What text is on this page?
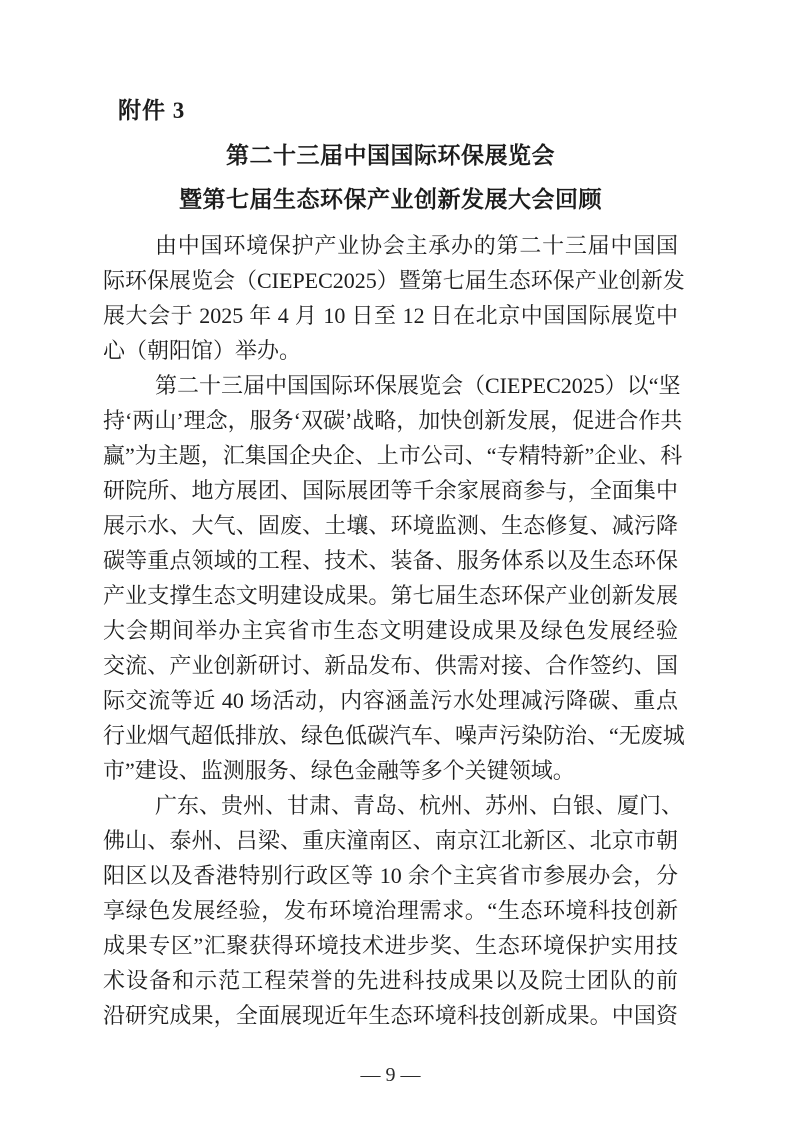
附件 3
第二十三届中国国际环保展览会
暨第七届生态环保产业创新发展大会回顾
由中国环境保护产业协会主承办的第二十三届中国国
际环保展览会（CIEPEC2025）暨第七届生态环保产业创新发
展大会于 2025 年 4 月 10 日至 12 日在北京中国国际展览中
心（朝阳馆）举办。
第二十三届中国国际环保展览会（CIEPEC2025）以“坚
持‘两山’理念，服务‘双碳’战略，加快创新发展，促进合作共
赢”为主题，汇集国企央企、上市公司、“专精特新”企业、科
研院所、地方展团、国际展团等千余家展商参与，全面集中
展示水、大气、固废、土壤、环境监测、生态修复、减污降
碳等重点领域的工程、技术、装备、服务体系以及生态环保
产业支撑生态文明建设成果。第七届生态环保产业创新发展
大会期间举办主宾省市生态文明建设成果及绿色发展经验
交流、产业创新研讨、新品发布、供需对接、合作签约、国
际交流等近 40 场活动，内容涵盖污水处理减污降碳、重点
行业烟气超低排放、绿色低碳汽车、噪声污染防治、“无废城
市”建设、监测服务、绿色金融等多个关键领域。
广东、贵州、甘肃、青岛、杭州、苏州、白银、厦门、
佛山、泰州、吕梁、重庆潼南区、南京江北新区、北京市朝
阳区以及香港特别行政区等 10 余个主宾省市参展办会，分
享绿色发展经验，发布环境治理需求。“生态环境科技创新
成果专区”汇聚获得环境技术进步奖、生态环境保护实用技
术设备和示范工程荣誉的先进科技成果以及院士团队的前
沿研究成果，全面展现近年生态环境科技创新成果。中国资
— 9 —
